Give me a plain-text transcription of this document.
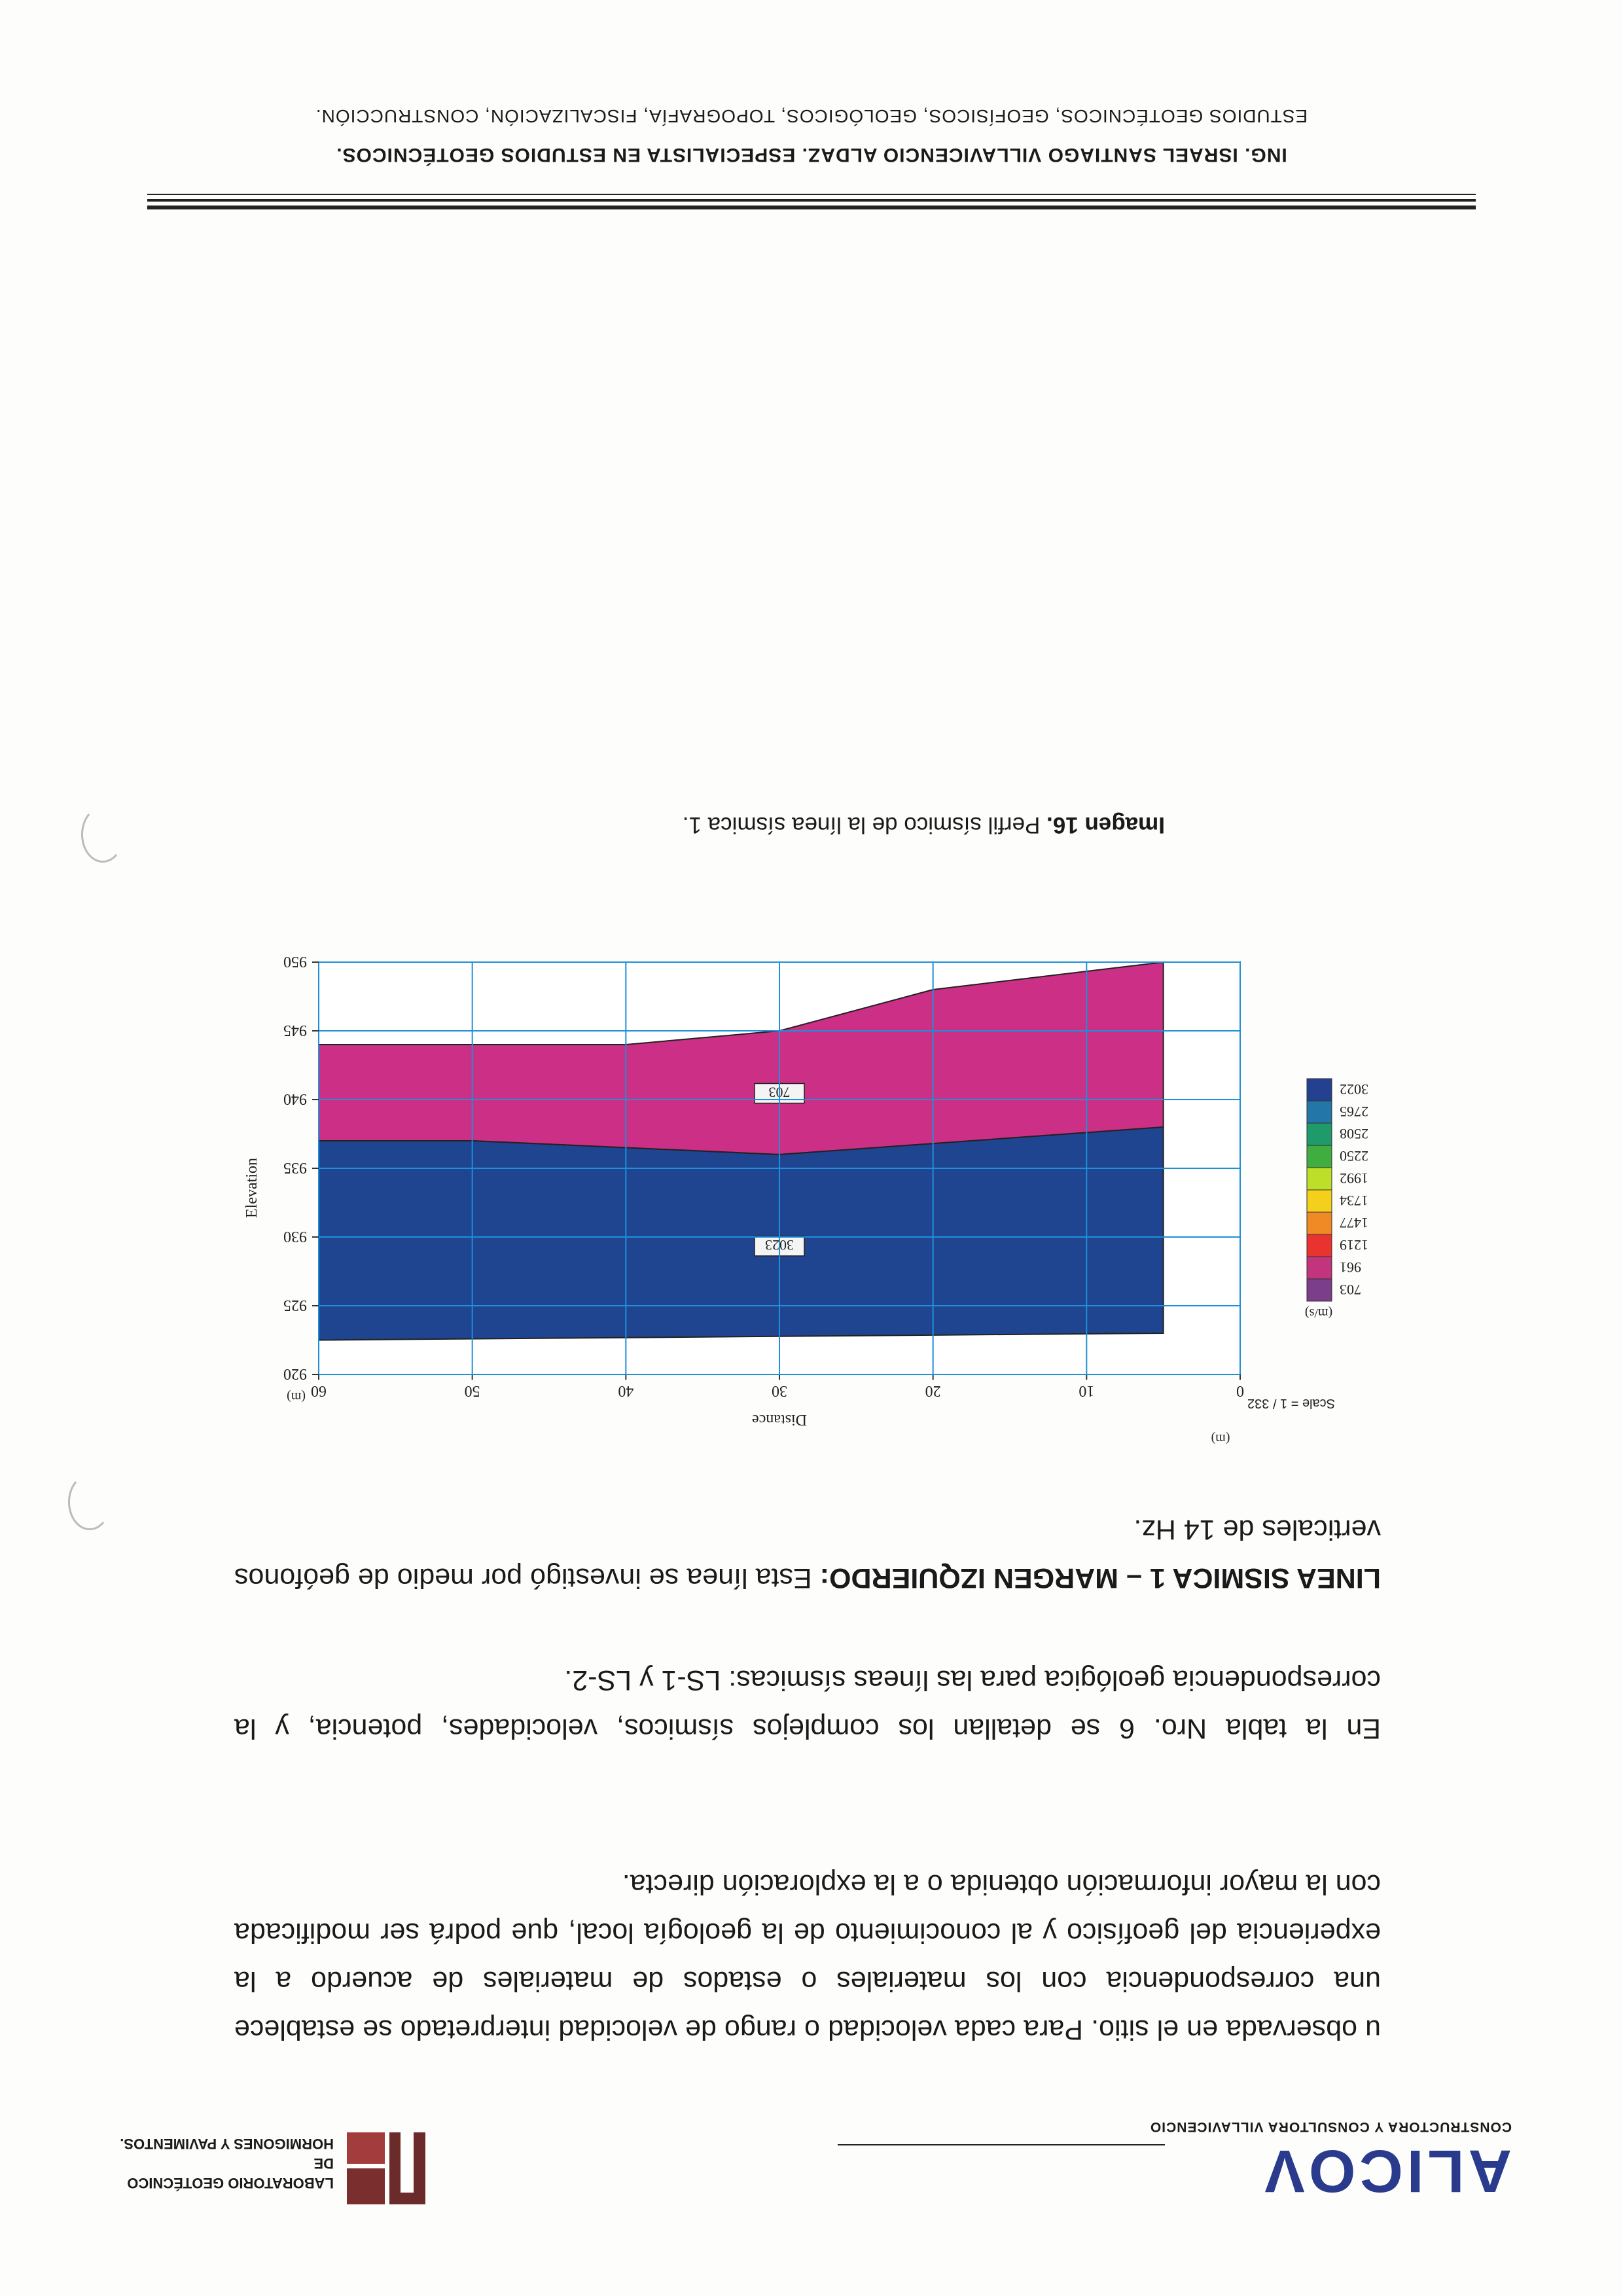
ALICOV
CONSTRUCTORA Y CONSULTORA VILLAVICENCIO
LABORATORIO GEOTÉCNICO DE
HORMIGONES Y PAVIMENTOS.
u observada en el sitio. Para cada velocidad o rango de velocidad interpretado se establece una correspondencia con los materiales o estados de materiales de acuerdo a la experiencia del geofísico y al conocimiento de la geología local, que podrá ser modificada con la mayor información obtenida o a la exploración directa.
En la tabla Nro. 6 se detallan los complejos sísmicos, velocidades, potencia, y la correspondencia geológica para las líneas sísmicas: LS-1 y LS-2.
LINEA SISMICA 1 – MARGEN IZQUIERDO: Esta línea se investigó por medio de geófonos verticales de 14 Hz.
703
3023
0
10
20
30
40
50
60
920
925
930
935
940
945
950
(m)
Elevation
Distance
(m)
703
961
1219
1477
1734
1992
2250
2508
2765
3022
(m/s)
Scale = 1 / 332
Imagen 16. Perfil sísmico de la línea sísmica 1.
ING. ISRAEL SANTIAGO VILLAVICENCIO ALDAZ. ESPECIALISTA EN ESTUDIOS GEOTÉCNICOS.
ESTUDIOS GEOTÉCNICOS, GEOFÍSICOS, GEOLÓGICOS, TOPOGRAFÍA, FISCALIZACIÓN, CONSTRUCCIÓN.
